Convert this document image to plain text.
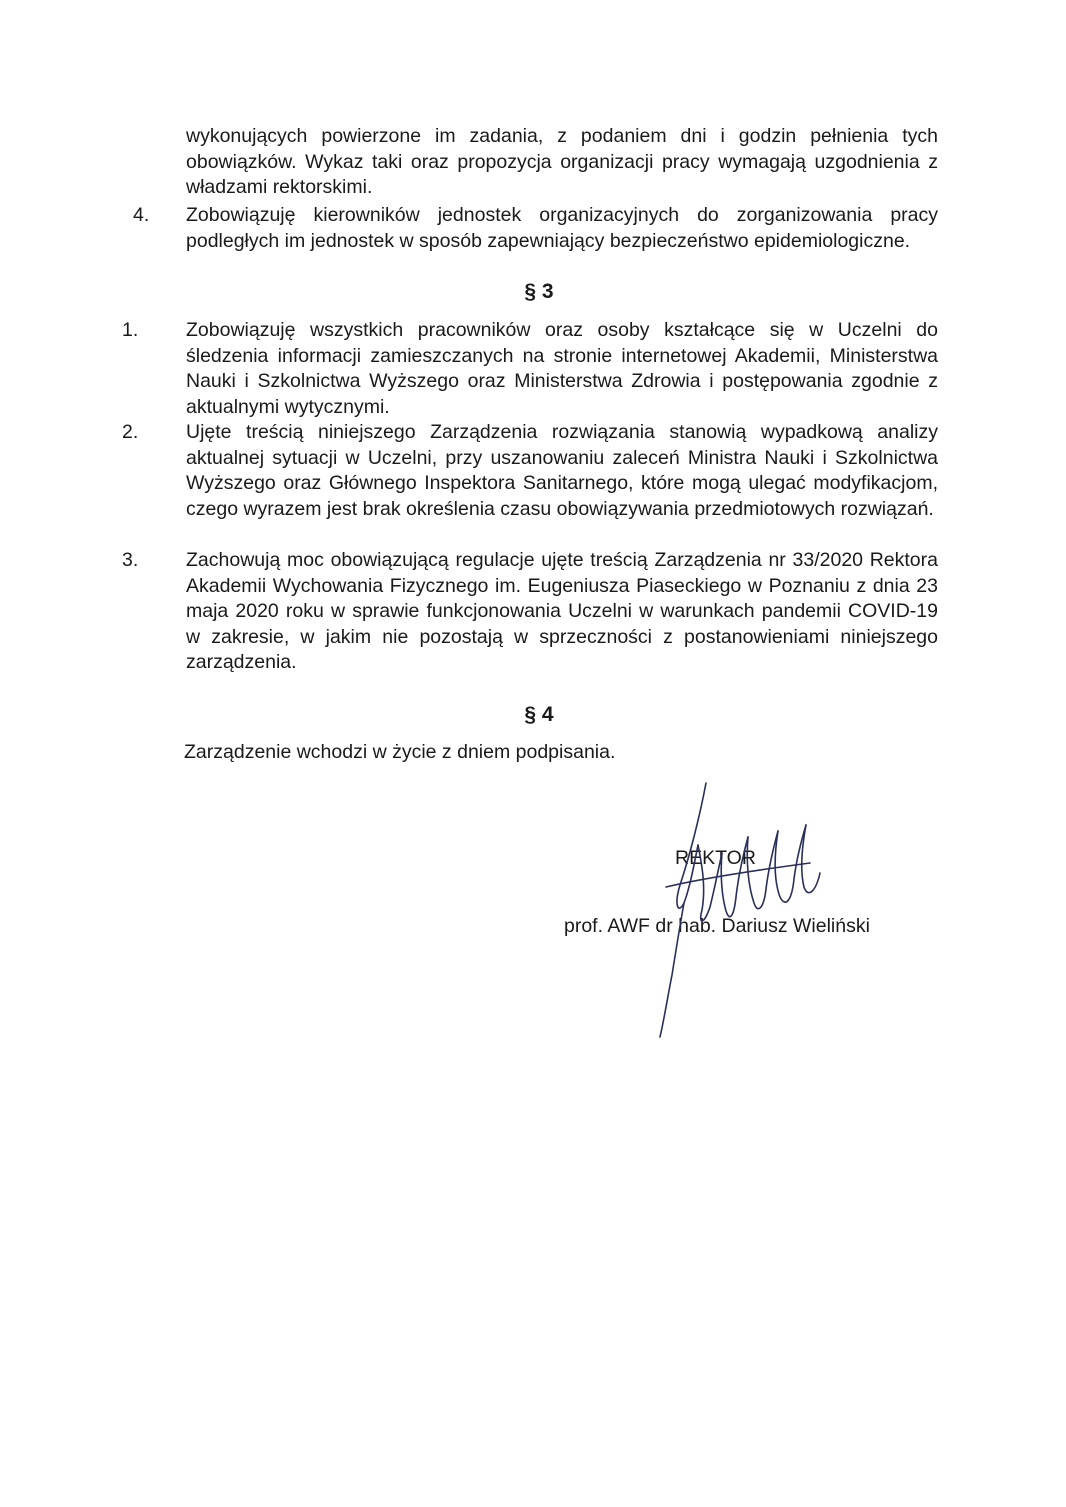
wykonujących powierzone im zadania, z podaniem dni i godzin pełnienia tych obowiązków. Wykaz taki oraz propozycja organizacji pracy wymagają uzgodnienia z władzami rektorskimi.

4. Zobowiązuję kierowników jednostek organizacyjnych do zorganizowania pracy podległych im jednostek w sposób zapewniający bezpieczeństwo epidemiologiczne.

§ 3
1. Zobowiązuję wszystkich pracowników oraz osoby kształcące się w Uczelni do śledzenia informacji zamieszczanych na stronie internetowej Akademii, Ministerstwa Nauki i Szkolnictwa Wyższego oraz Ministerstwa Zdrowia i postępowania zgodnie z aktualnymi wytycznymi.

2. Ujęte treścią niniejszego Zarządzenia rozwiązania stanowią wypadkową analizy aktualnej sytuacji w Uczelni, przy uszanowaniu zaleceń Ministra Nauki i Szkolnictwa Wyższego oraz Głównego Inspektora Sanitarnego, które mogą ulegać modyfikacjom, czego wyrazem jest brak określenia czasu obowiązywania przedmiotowych rozwiązań.

3. Zachowują moc obowiązującą regulacje ujęte treścią Zarządzenia nr 33/2020 Rektora Akademii Wychowania Fizycznego im. Eugeniusza Piaseckiego w Poznaniu z dnia 23 maja 2020 roku w sprawie funkcjonowania Uczelni w warunkach pandemii COVID-19 w zakresie, w jakim nie pozostają w sprzeczności z postanowieniami niniejszego zarządzenia.

§ 4

Zarządzenie wchodzi w życie z dniem podpisania.

REKTOR
prof. AWF dr hab. Dariusz Wieliński
